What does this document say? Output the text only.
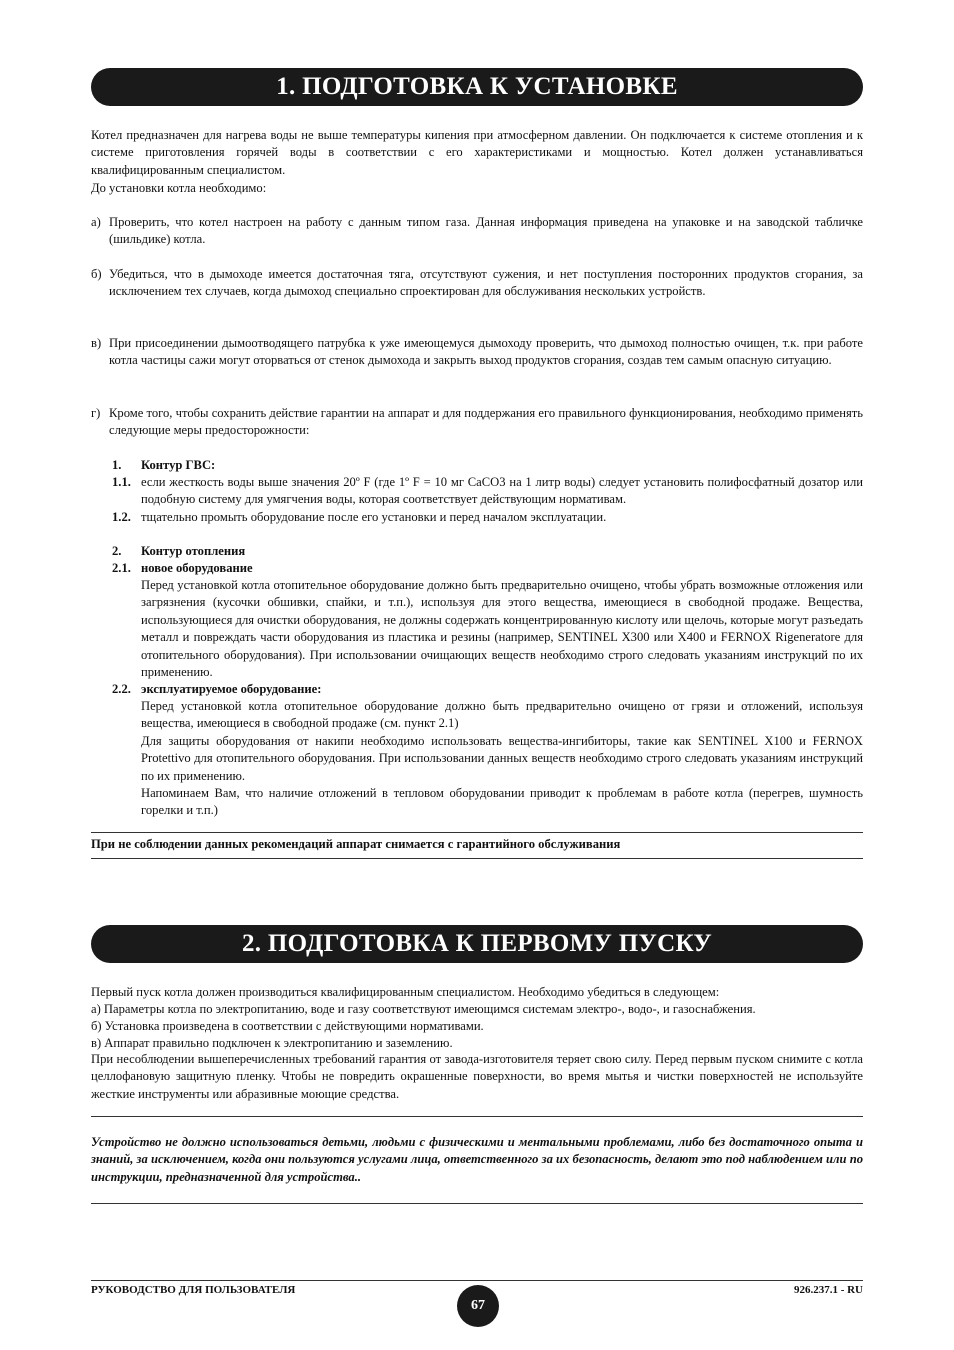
1. ПОДГОТОВКА К УСТАНОВКЕ

Котел предназначен для нагрева воды не выше температуры кипения при атмосферном давлении. Он подключается к системе отопления и к системе приготовления горячей воды в соответствии с его характеристиками и мощностью. Котел должен устанавливаться квалифицированным специалистом.

До установки котла необходимо:

а) Проверить, что котел настроен на работу с данным типом газа. Данная информация приведена на упаковке и на заводской табличке (шильдике) котла.
б) Убедиться, что в дымоходе имеется достаточная тяга, отсутствуют сужения, и нет поступления посторонних продуктов сгорания, за исключением тех случаев, когда дымоход специально спроектирован для обслуживания нескольких устройств.
в) При присоединении дымоотводящего патрубка к уже имеющемуся дымоходу проверить, что дымоход полностью очищен, т.к. при работе котла частицы сажи могут оторваться от стенок дымохода и закрыть выход продуктов сгорания, создав тем самым опасную ситуацию.
г) Кроме того, чтобы сохранить действие гарантии на аппарат и для поддержания его правильного функционирования, необходимо применять следующие меры предосторожности:
1. Контур ГВС:
1.1. если жесткость воды выше значения 20º F (где 1º F = 10 мг CaCO3 на 1 литр воды) следует установить полифосфатный дозатор или подобную систему для умягчения воды, которая соответствует действующим нормативам.
1.2. тщательно промыть оборудование после его установки и перед началом эксплуатации.
2. Контур отопления
2.1. новое оборудование

Перед установкой котла отопительное оборудование должно быть предварительно очищено, чтобы убрать возможные отложения или загрязнения (кусочки обшивки, спайки, и т.п.), используя для этого вещества, имеющиеся в свободной продаже. Вещества, использующиеся для очистки оборудования, не должны содержать концентрированную кислоту или щелочь, которые могут разъедать металл и повреждать части оборудования из пластика и резины (например, SENTINEL X300 или X400 и FERNOX Rigeneratore для отопительного оборудования). При использовании очищающих веществ необходимо строго следовать указаниям инструкций по их применению.

2.2. эксплуатируемое оборудование:

Перед установкой котла отопительное оборудование должно быть предварительно очищено от грязи и отложений, используя вещества, имеющиеся в свободной продаже (см. пункт 2.1)

Для защиты оборудования от накипи необходимо использовать вещества-ингибиторы, такие как SENTINEL X100 и FERNOX Protettivo для отопительного оборудования. При использовании данных веществ необходимо строго следовать указаниям инструкций по их применению.

Напоминаем Вам, что наличие отложений в тепловом оборудовании приводит к проблемам в работе котла (перегрев, шумность горелки и т.п.)

При не соблюдении данных рекомендаций аппарат снимается с гарантийного обслуживания

2. ПОДГОТОВКА К ПЕРВОМУ ПУСКУ

Первый пуск котла должен производиться квалифицированным специалистом. Необходимо убедиться в следующем:

а) Параметры котла по электропитанию, воде и газу соответствуют имеющимся системам электро-, водо-, и газоснабжения.

б) Установка произведена в соответствии с действующими нормативами.

в) Аппарат правильно подключен к электропитанию и заземлению.

При несоблюдении вышеперечисленных требований гарантия от завода-изготовителя теряет свою силу. Перед первым пуском снимите с котла целлофановую защитную пленку. Чтобы не повредить окрашенные поверхности, во время мытья и чистки поверхностей не используйте жесткие инструменты или абразивные моющие средства.

Устройство не должно использоваться детьми, людьми с физическими и ментальными проблемами, либо без достаточного опыта и знаний, за исключением, когда они пользуются услугами лица, ответственного за их безопасность, делают это под наблюдением или по инструкции, предназначенной для устройства..

РУКОВОДСТВО ДЛЯ ПОЛЬЗОВАТЕЛЯ
67
926.237.1 - RU
